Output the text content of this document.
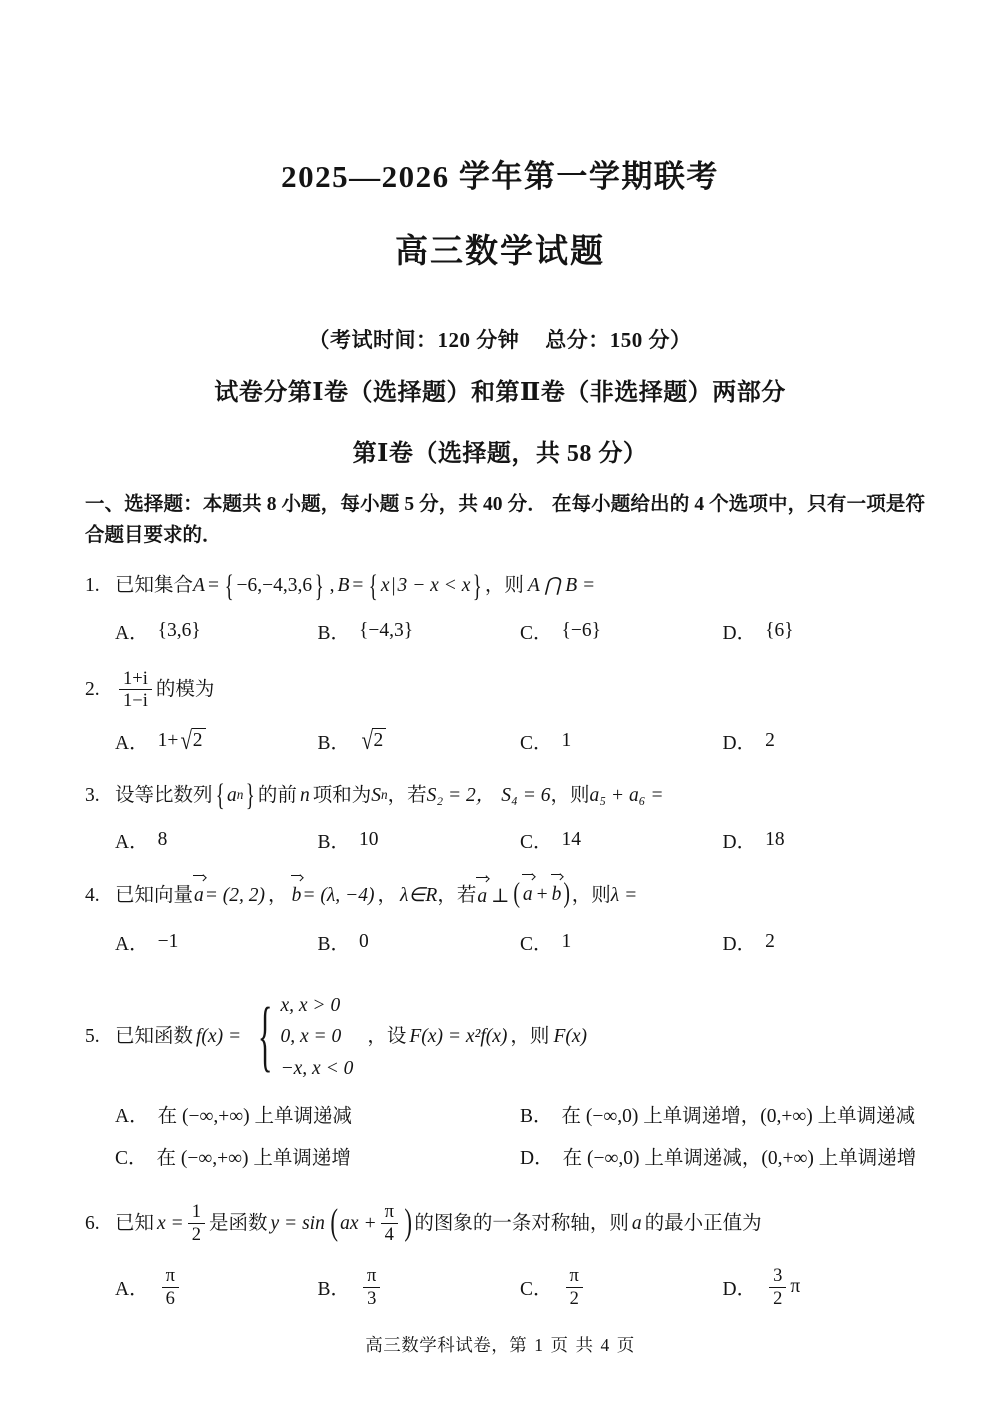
2025—2026 学年第一学期联考
高三数学试题

（考试时间：120 分钟 总分：150 分）

试卷分第Ⅰ卷（选择题）和第Ⅱ卷（非选择题）两部分

第Ⅰ卷（选择题，共 58 分）

一、选择题：本题共 8 小题，每小题 5 分，共 40 分． 在每小题给出的 4 个选项中，只有一项是符合题目要求的．

1. 已知集合 A = { −6,−4,3,6 } , B = { x | 3 − x < x } ，则 A ⋂ B =
A． {3,6}	B． {−4,3}	C． {−6}	D． {6}
2.	$\frac{1+i}{1-i}$ 的模为
A． 1+ √ 2	B． √ 2	C． 1	D． 2
3. 设等比数列 { a n } 的前 n 项和为 S n ，若 S₂ = 2， S₄ = 6 ，则 a₅ + a₆ =
A． 8	B． 10	C． 14	D． 18
4. 已知向量 a = (2, 2) ， b = (λ, −4) ， λ∈R ，若 a ⊥ ( a + b ) ，则 λ =
A． −1	B． 0	C． 1	D． 2
5. 已知函数 f(x) = { x, x > 0
0, x = 0
−x, x < 0
，设 F(x) = x²f(x) ，则 F(x)
A． 在 (−∞,+∞) 上单调递减	B． 在 (−∞,0) 上单调递增，(0,+∞) 上单调递减
C． 在 (−∞,+∞) 上单调递增	D． 在 (−∞,0) 上单调递减，(0,+∞) 上单调递增
6. 已知 $x = \frac{1}{2}$ 是函数 y = sin ( ax + $\frac{\pi}{4}$ ) 的图象的一条对称轴，则 a 的最小正值为
A． $\frac{\pi}{6}$	B． $\frac{\pi}{3}$	C． $\frac{\pi}{2}$	D． $\frac{3}{2}$ π
高三数学科试卷，第 1 页 共 4 页
